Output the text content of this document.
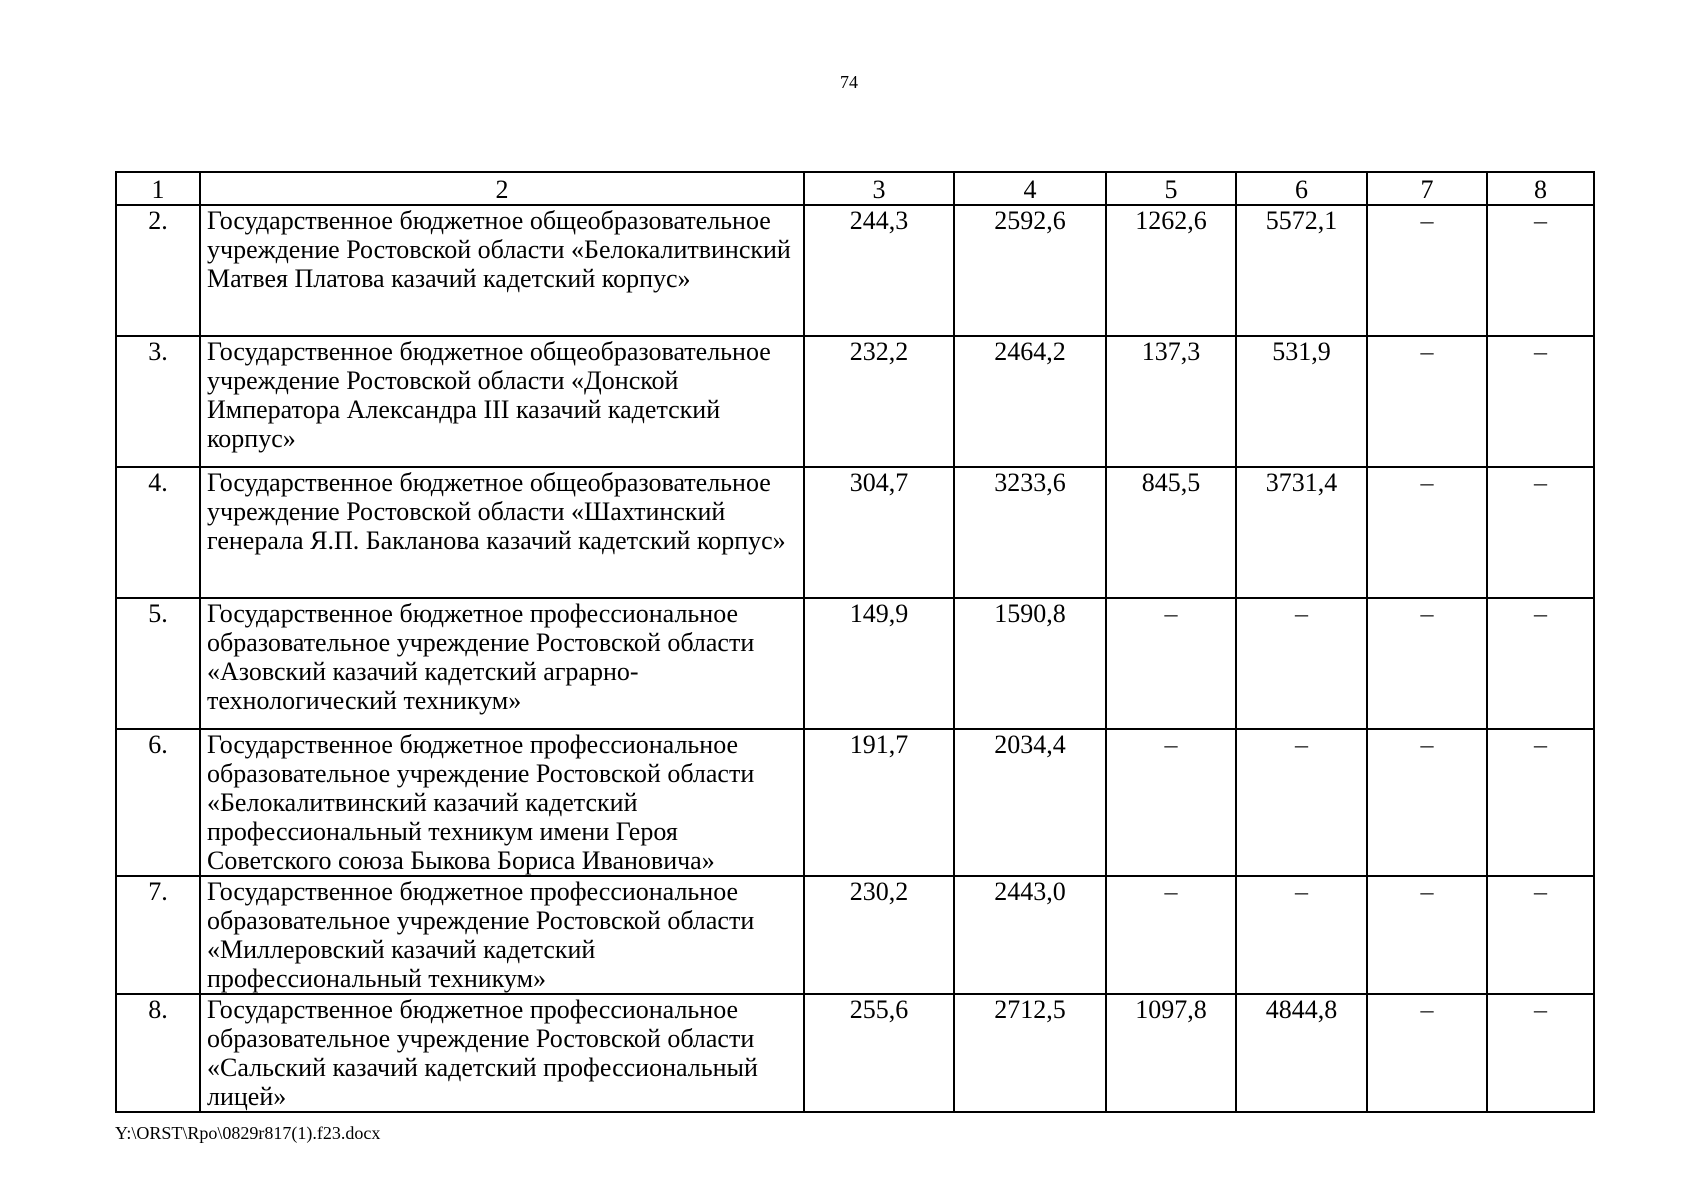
74
1	2	3	4	5	6	7	8
2.	Государственное бюджетное общеобразовательное учреждение Ростовской области «Белокалитвинский Матвея Платова казачий кадетский корпус»	244,3	2592,6	1262,6	5572,1	–	–
3.	Государственное бюджетное общеобразовательное учреждение Ростовской области «Донской Императора Александра III казачий кадетский корпус»	232,2	2464,2	137,3	531,9	–	–
4.	Государственное бюджетное общеобразовательное учреждение Ростовской области «Шахтинский генерала Я.П. Бакланова казачий кадетский корпус»	304,7	3233,6	845,5	3731,4	–	–
5.	Государственное бюджетное профессиональное образовательное учреждение Ростовской области «Азовский казачий кадетский аграрно-технологический техникум»	149,9	1590,8	–	–	–	–
6.	Государственное бюджетное профессиональное образовательное учреждение Ростовской области «Белокалитвинский казачий кадетский профессиональный техникум имени Героя Советского союза Быкова Бориса Ивановича»	191,7	2034,4	–	–	–	–
7.	Государственное бюджетное профессиональное образовательное учреждение Ростовской области «Миллеровский казачий кадетский профессиональный техникум»	230,2	2443,0	–	–	–	–
8.	Государственное бюджетное профессиональное образовательное учреждение Ростовской области «Сальский казачий кадетский профессиональный лицей»	255,6	2712,5	1097,8	4844,8	–	–
Y:\ORST\Rpo\0829r817(1).f23.docx
